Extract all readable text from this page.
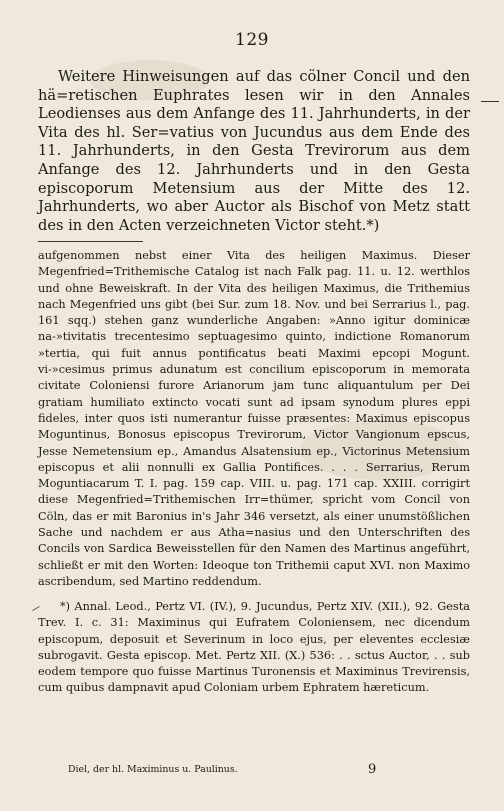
129

Weitere Hinweisungen auf das cölner Concil und den hä=retischen Euphrates lesen wir in den Annales Leodienses aus dem Anfange des 11. Jahrhunderts, in der Vita des hl. Ser=vatius von Jucundus aus dem Ende des 11. Jahrhunderts, in den Gesta Trevirorum aus dem Anfange des 12. Jahrhunderts und in den Gesta episcoporum Metensium aus der Mitte des 12. Jahrhunderts, wo aber Auctor als Bischof von Metz statt des in den Acten verzeichneten Victor steht.*)

aufgenommen nebst einer Vita des heiligen Maximus. Dieser Megenfried=Trithemische Catalog ist nach Falk pag. 11. u. 12. werthlos und ohne Beweiskraft. In der Vita des heiligen Maximus, die Trithemius nach Megenfried uns gibt (bei Sur. zum 18. Nov. und bei Serrarius l., pag. 161 sqq.) stehen ganz wunderliche Angaben: »Anno igitur dominicæ na-»tivitatis trecentesimo septuagesimo quinto, indictione Romanorum »tertia, qui fuit annus pontificatus beati Maximi epcopi Mogunt. vi-»cesimus primus adunatum est concilium episcoporum in memorata civitate Coloniensi furore Arianorum jam tunc aliquantulum per Dei gratiam humiliato extincto vocati sunt ad ipsam synodum plures eppi fideles, inter quos isti numerantur fuisse præsentes: Maximus episcopus Moguntinus, Bonosus episcopus Trevirorum, Victor Vangionum epscus, Jesse Nemetensium ep., Amandus Alsatensium ep., Victorinus Metensium episcopus et alii nonnulli ex Gallia Pontifices. . . . Serrarius, Rerum Moguntiacarum T. I. pag. 159 cap. VIII. u. pag. 171 cap. XXIII. corrigirt diese Megenfried=Trithemischen Irr=thümer, spricht vom Concil von Cöln, das er mit Baronius in's Jahr 346 versetzt, als einer unumstößlichen Sache und nachdem er aus Atha=nasius und den Unterschriften des Concils von Sardica Beweisstellen für den Namen des Martinus angeführt, schließt er mit den Worten: Ideoque ton Trithemii caput XVI. non Maximo ascribendum, sed Martino reddendum.

*) Annal. Leod., Pertz VI. (IV.), 9. Jucundus, Pertz XIV. (XII.), 92. Gesta Trev. I. c. 31: Maximinus qui Eufratem Coloniensem, nec dicendum episcopum, deposuit et Severinum in loco ejus, per eleventes ecclesiæ subrogavit. Gesta episcop. Met. Pertz XII. (X.) 536: . . sctus Auctor, . . sub eodem tempore quo fuisse Martinus Turonensis et Maximinus Trevirensis, cum quibus dampnavit apud Coloniam urbem Ephratem hæreticum.

Diel, der hl. Maximinus u. Paulinus.	9
